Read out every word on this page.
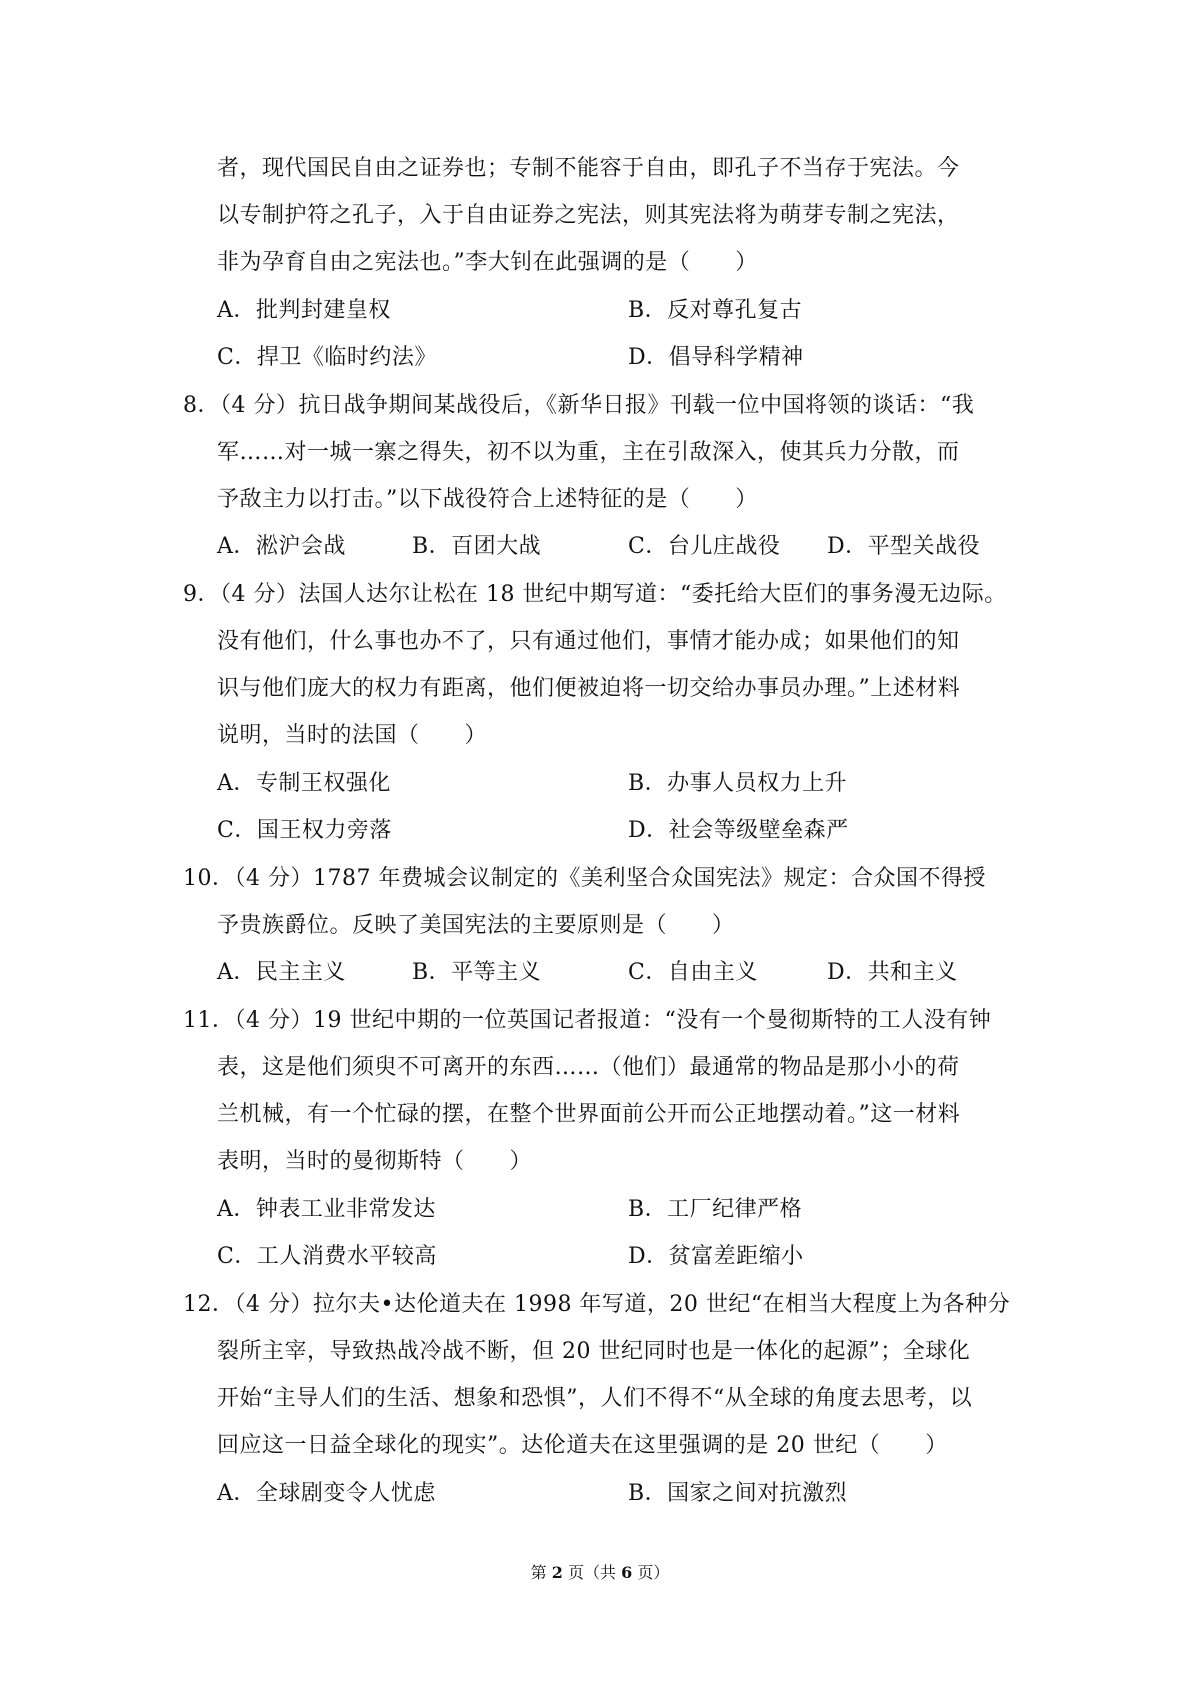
者，现代国民自由之证券也；专制不能容于自由，即孔子不当存于宪法。今
以专制护符之孔子，入于自由证券之宪法，则其宪法将为萌芽专制之宪法，
非为孕育自由之宪法也。”李大钊在此强调的是（　　）
A．批判封建皇权	B．反对尊孔复古
C．捍卫《临时约法》	D．倡导科学精神
8．（4 分）抗日战争期间某战役后，《新华日报》刊载一位中国将领的谈话：“我
军……对一城一寨之得失，初不以为重，主在引敌深入，使其兵力分散，而
予敌主力以打击。”以下战役符合上述特征的是（　　）
A．淞沪会战	B．百团大战	C．台儿庄战役 D．平型关战役
9．（4 分）法国人达尔让松在 18 世纪中期写道：“委托给大臣们的事务漫无边际。
没有他们，什么事也办不了，只有通过他们，事情才能办成；如果他们的知
识与他们庞大的权力有距离，他们便被迫将一切交给办事员办理。”上述材料
说明，当时的法国（　　）
A．专制王权强化	B．办事人员权力上升
C．国王权力旁落	D．社会等级壁垒森严
10．（4 分）1787 年费城会议制定的《美利坚合众国宪法》规定：合众国不得授
予贵族爵位。反映了美国宪法的主要原则是（　　）
A．民主主义	B．平等主义	C．自由主义	D．共和主义
11．（4 分）19 世纪中期的一位英国记者报道：“没有一个曼彻斯特的工人没有钟
表，这是他们须臾不可离开的东西……（他们）最通常的物品是那小小的荷
兰机械，有一个忙碌的摆，在整个世界面前公开而公正地摆动着。”这一材料
表明，当时的曼彻斯特（　　）
A．钟表工业非常发达	B．工厂纪律严格
C．工人消费水平较高	D．贫富差距缩小
12．（4 分）拉尔夫•达伦道夫在 1998 年写道，20 世纪“在相当大程度上为各种分
裂所主宰，导致热战冷战不断，但 20 世纪同时也是一体化的起源”；全球化
开始“主导人们的生活、想象和恐惧”，人们不得不“从全球的角度去思考，以
回应这一日益全球化的现实”。达伦道夫在这里强调的是 20 世纪（　　）
A．全球剧变令人忧虑	B．国家之间对抗激烈
第 2 页（共 6 页）
